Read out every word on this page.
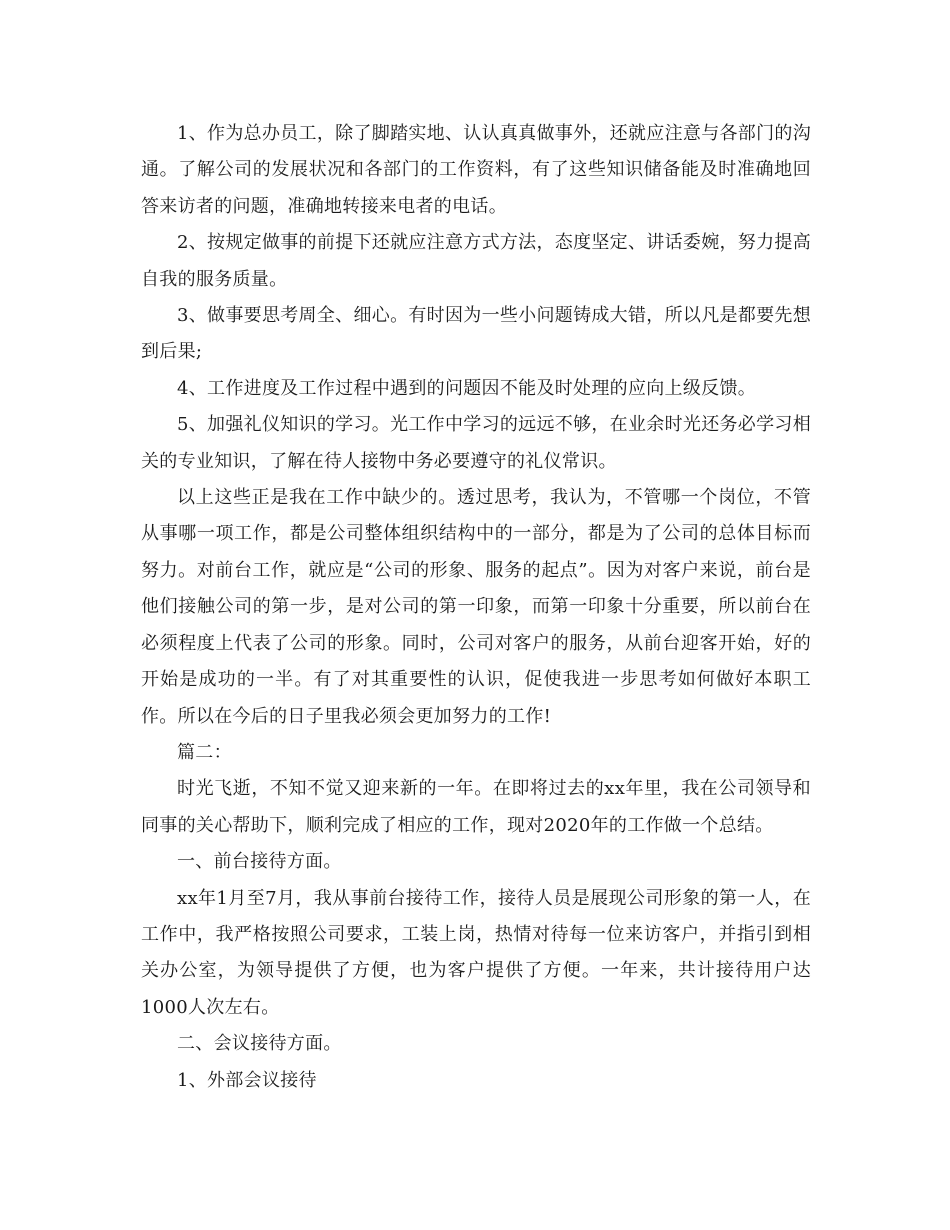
1、作为总办员工，除了脚踏实地、认认真真做事外，还就应注意与各部门的沟通。了解公司的发展状况和各部门的工作资料，有了这些知识储备能及时准确地回答来访者的问题，准确地转接来电者的电话。

2、按规定做事的前提下还就应注意方式方法，态度坚定、讲话委婉，努力提高自我的服务质量。

3、做事要思考周全、细心。有时因为一些小问题铸成大错，所以凡是都要先想到后果;

4、工作进度及工作过程中遇到的问题因不能及时处理的应向上级反馈。

5、加强礼仪知识的学习。光工作中学习的远远不够，在业余时光还务必学习相关的专业知识，了解在待人接物中务必要遵守的礼仪常识。

以上这些正是我在工作中缺少的。透过思考，我认为，不管哪一个岗位，不管从事哪一项工作，都是公司整体组织结构中的一部分，都是为了公司的总体目标而努力。对前台工作，就应是“公司的形象、服务的起点”。因为对客户来说，前台是他们接触公司的第一步，是对公司的第一印象，而第一印象十分重要，所以前台在必须程度上代表了公司的形象。同时，公司对客户的服务，从前台迎客开始，好的开始是成功的一半。有了对其重要性的认识，促使我进一步思考如何做好本职工作。所以在今后的日子里我必须会更加努力的工作!

篇二：

时光飞逝，不知不觉又迎来新的一年。在即将过去的xx年里，我在公司领导和同事的关心帮助下，顺利完成了相应的工作，现对2020年的工作做一个总结。

一、前台接待方面。

xx年1月至7月，我从事前台接待工作，接待人员是展现公司形象的第一人，在工作中，我严格按照公司要求，工装上岗，热情对待每一位来访客户，并指引到相关办公室，为领导提供了方便，也为客户提供了方便。一年来，共计接待用户达1000人次左右。

二、会议接待方面。

1、外部会议接待
